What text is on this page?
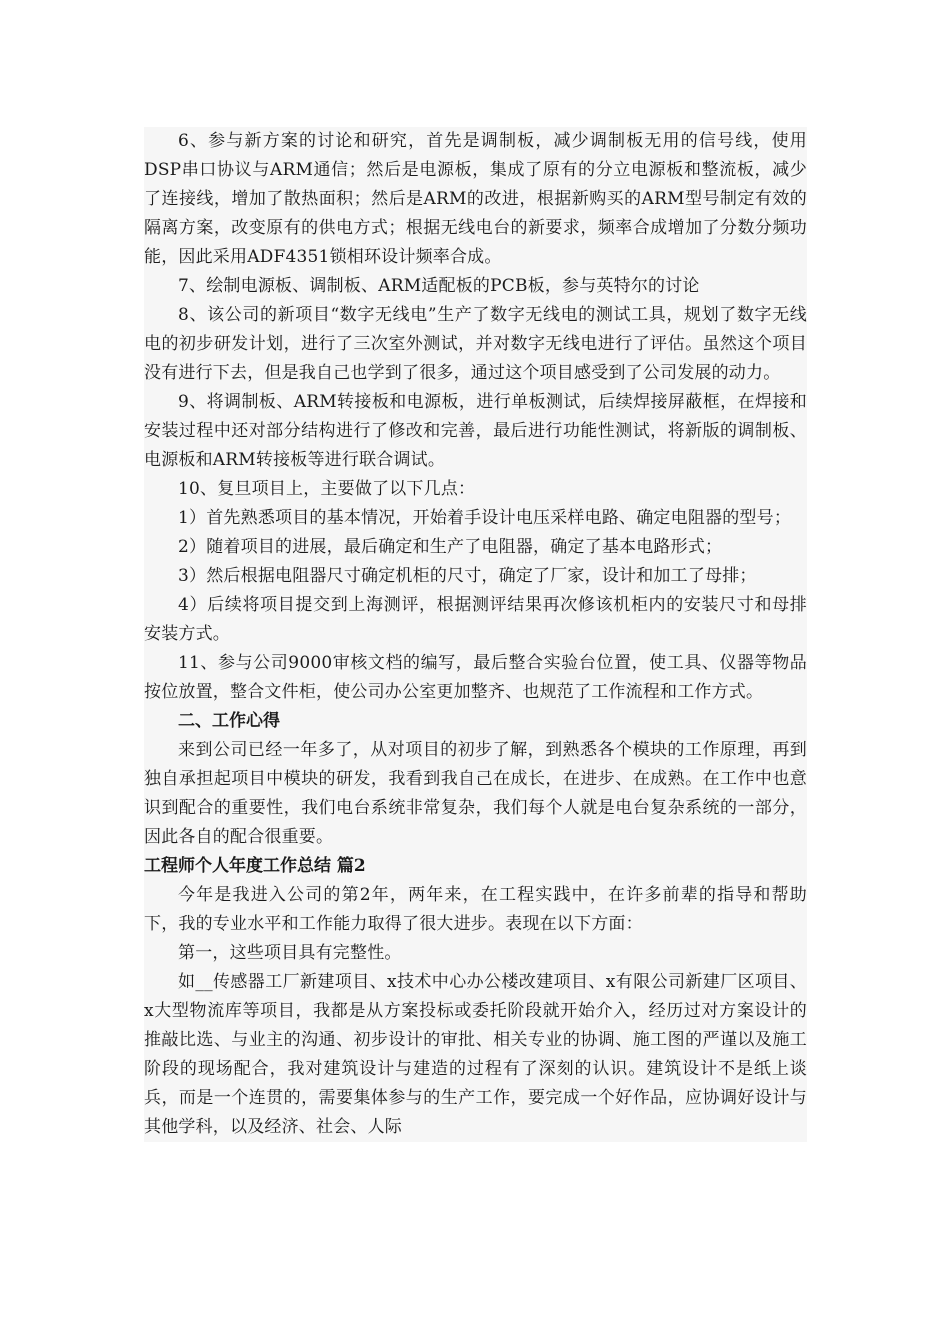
6、参与新方案的讨论和研究，首先是调制板，减少调制板无用的信号线，使用DSP串口协议与ARM通信；然后是电源板，集成了原有的分立电源板和整流板，减少了连接线，增加了散热面积；然后是ARM的改进，根据新购买的ARM型号制定有效的隔离方案，改变原有的供电方式；根据无线电台的新要求，频率合成增加了分数分频功能，因此采用ADF4351锁相环设计频率合成。

7、绘制电源板、调制板、ARM适配板的PCB板，参与英特尔的讨论

8、该公司的新项目“数字无线电”生产了数字无线电的测试工具，规划了数字无线电的初步研发计划，进行了三次室外测试，并对数字无线电进行了评估。虽然这个项目没有进行下去，但是我自己也学到了很多，通过这个项目感受到了公司发展的动力。

9、将调制板、ARM转接板和电源板，进行单板测试，后续焊接屏蔽框，在焊接和安装过程中还对部分结构进行了修改和完善，最后进行功能性测试，将新版的调制板、电源板和ARM转接板等进行联合调试。

10、复旦项目上，主要做了以下几点：

1）首先熟悉项目的基本情况，开始着手设计电压采样电路、确定电阻器的型号；

2）随着项目的进展，最后确定和生产了电阻器，确定了基本电路形式；

3）然后根据电阻器尺寸确定机柜的尺寸，确定了厂家，设计和加工了母排；

4）后续将项目提交到上海测评，根据测评结果再次修该机柜内的安装尺寸和母排安装方式。

11、参与公司9000审核文档的编写，最后整合实验台位置，使工具、仪器等物品按位放置，整合文件柜，使公司办公室更加整齐、也规范了工作流程和工作方式。

二、工作心得

来到公司已经一年多了，从对项目的初步了解，到熟悉各个模块的工作原理，再到独自承担起项目中模块的研发，我看到我自己在成长，在进步、在成熟。在工作中也意识到配合的重要性，我们电台系统非常复杂，我们每个人就是电台复杂系统的一部分，因此各自的配合很重要。

工程师个人年度工作总结 篇2

今年是我进入公司的第2年，两年来，在工程实践中，在许多前辈的指导和帮助下，我的专业水平和工作能力取得了很大进步。表现在以下方面：

第一，这些项目具有完整性。

如__传感器工厂新建项目、x技术中心办公楼改建项目、x有限公司新建厂区项目、x大型物流库等项目，我都是从方案投标或委托阶段就开始介入，经历过对方案设计的推敲比选、与业主的沟通、初步设计的审批、相关专业的协调、施工图的严谨以及施工阶段的现场配合，我对建筑设计与建造的过程有了深刻的认识。建筑设计不是纸上谈兵，而是一个连贯的，需要集体参与的生产工作，要完成一个好作品，应协调好设计与其他学科，以及经济、社会、人际
